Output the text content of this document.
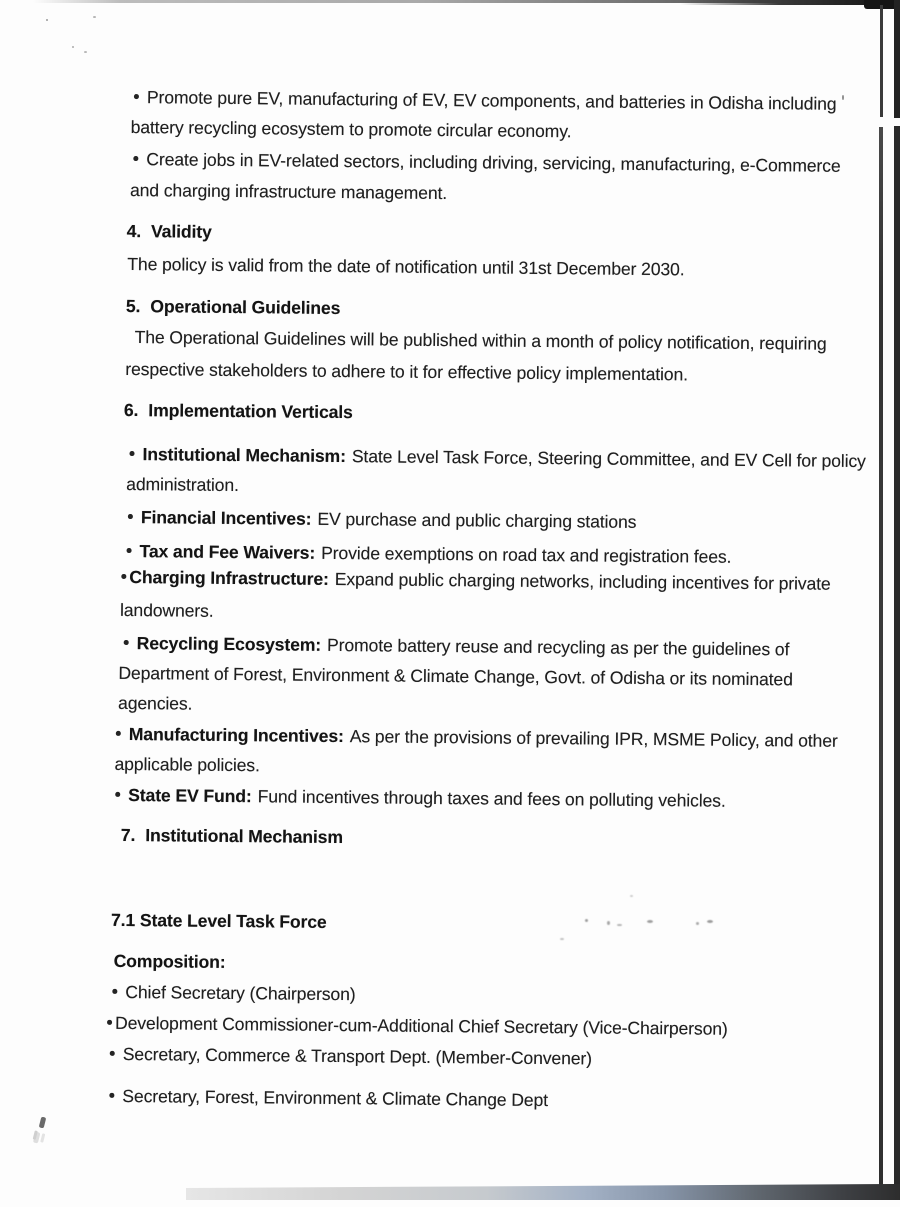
Promote pure EV, manufacturing of EV, EV components, and batteries in Odisha including
battery recycling ecosystem to promote circular economy.
Create jobs in EV-related sectors, including driving, servicing, manufacturing, e-Commerce
and charging infrastructure management.
4. Validity
The policy is valid from the date of notification until 31st December 2030.
5. Operational Guidelines
The Operational Guidelines will be published within a month of policy notification, requiring
respective stakeholders to adhere to it for effective policy implementation.
6. Implementation Verticals
Institutional Mechanism: State Level Task Force, Steering Committee, and EV Cell for policy
administration.
Financial Incentives: EV purchase and public charging stations
Tax and Fee Waivers: Provide exemptions on road tax and registration fees.
Charging Infrastructure: Expand public charging networks, including incentives for private
landowners.
Recycling Ecosystem: Promote battery reuse and recycling as per the guidelines of
Department of Forest, Environment & Climate Change, Govt. of Odisha or its nominated
agencies.
Manufacturing Incentives: As per the provisions of prevailing IPR, MSME Policy, and other
applicable policies.
State EV Fund: Fund incentives through taxes and fees on polluting vehicles.
7. Institutional Mechanism
7.1 State Level Task Force
Composition:
Chief Secretary (Chairperson)
Development Commissioner-cum-Additional Chief Secretary (Vice-Chairperson)
Secretary, Commerce & Transport Dept. (Member-Convener)
Secretary, Forest, Environment & Climate Change Dept
